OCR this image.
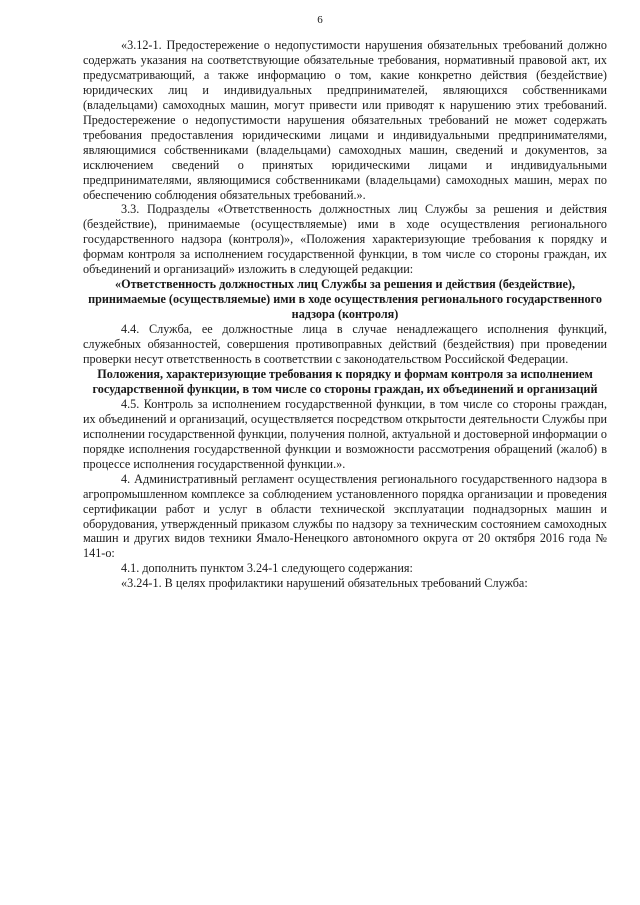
6

«3.12-1. Предостережение о недопустимости нарушения обязательных требований должно содержать указания на соответствующие обязательные требования, нормативный правовой акт, их предусматривающий, а также информацию о том, какие конкретно действия (бездействие) юридических лиц и индивидуальных предпринимателей, являющихся собственниками (владельцами) самоходных машин, могут привести или приводят к нарушению этих требований. Предостережение о недопустимости нарушения обязательных требований не может содержать требования предоставления юридическими лицами и индивидуальными предпринимателями, являющимися собственниками (владельцами) самоходных машин, сведений и документов, за исключением сведений о принятых юридическими лицами и индивидуальными предпринимателями, являющимися собственниками (владельцами) самоходных машин, мерах по обеспечению соблюдения обязательных требований.».

3.3. Подразделы «Ответственность должностных лиц Службы за решения и действия (бездействие), принимаемые (осуществляемые) ими в ходе осуществления регионального государственного надзора (контроля)», «Положения характеризующие требования к порядку и формам контроля за исполнением государственной функции, в том числе со стороны граждан, их объединений и организаций» изложить в следующей редакции:

«Ответственность должностных лиц Службы за решения и действия (бездействие), принимаемые (осуществляемые) ими в ходе осуществления регионального государственного надзора (контроля)

4.4. Служба, ее должностные лица в случае ненадлежащего исполнения функций, служебных обязанностей, совершения противоправных действий (бездействия) при проведении проверки несут ответственность в соответствии с законодательством Российской Федерации.

Положения, характеризующие требования к порядку и формам контроля за исполнением государственной функции, в том числе со стороны граждан, их объединений и организаций

4.5. Контроль за исполнением государственной функции, в том числе со стороны граждан, их объединений и организаций, осуществляется посредством открытости деятельности Службы при исполнении государственной функции, получения полной, актуальной и достоверной информации о порядке исполнения государственной функции и возможности рассмотрения обращений (жалоб) в процессе исполнения государственной функции.».

4. Административный регламент осуществления регионального государственного надзора в агропромышленном комплексе за соблюдением установленного порядка организации и проведения сертификации работ и услуг в области технической эксплуатации поднадзорных машин и оборудования, утвержденный приказом службы по надзору за техническим состоянием самоходных машин и других видов техники Ямало-Ненецкого автономного округа от 20 октября 2016 года № 141-о:

4.1. дополнить пунктом 3.24-1 следующего содержания:

«3.24-1. В целях профилактики нарушений обязательных требований Служба:
